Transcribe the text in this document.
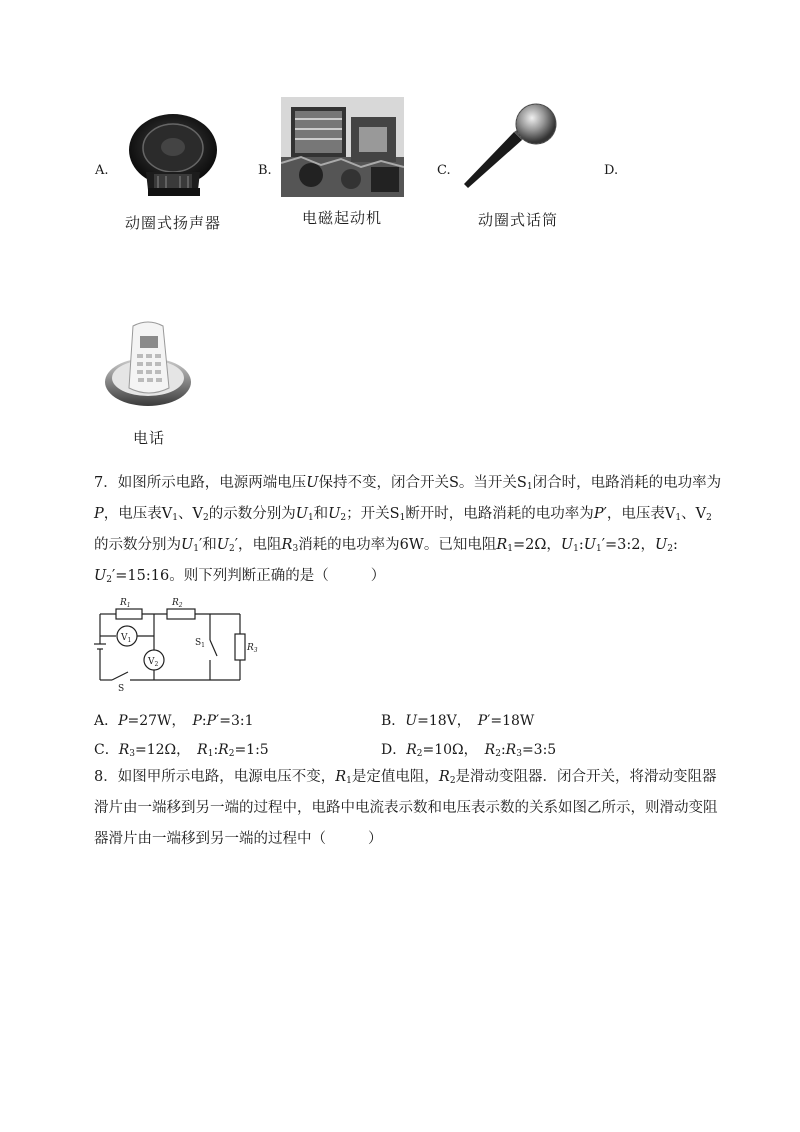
A.
动圈式扬声器
B.
电磁起动机
C.
动圈式话筒
D.
电话
7．如图所示电路，电源两端电压U保持不变，闭合开关S。当开关$S_1$闭合时，电路消耗的电功率为
P，电压表$V_1$、$V_2$的示数分别为$U_1$和$U_2$；开关$S_1$断开时，电路消耗的电功率为P′，电压表$V_1$、$V_2$
的示数分别为$U_1'$和$U_2'$，电阻$R_3$消耗的电功率为6W。已知电阻$R_1=2\Omega$，$U_1:U_1'=3:2$，$U_2$:
$U_2'=15:16$。则下列判断正确的是（	）
$R_1$	$R_2$
$R_3$
$V_1$
$V_2$
$S_1$
S
A．P=27W，　P:P′=3:1	B．U=18V，　P′=18W
C．$R_3=12\Omega$，　$R_1:R_2=1:5$	D．$R_2=10\Omega$，　$R_2:R_3=3:5$
8．如图甲所示电路，电源电压不变，$R_1$是定值电阻，$R_2$是滑动变阻器．闭合开关，将滑动变阻器
滑片由一端移到另一端的过程中，电路中电流表示数和电压表示数的关系如图乙所示，则滑动变阻
器滑片由一端移到另一端的过程中（	）
